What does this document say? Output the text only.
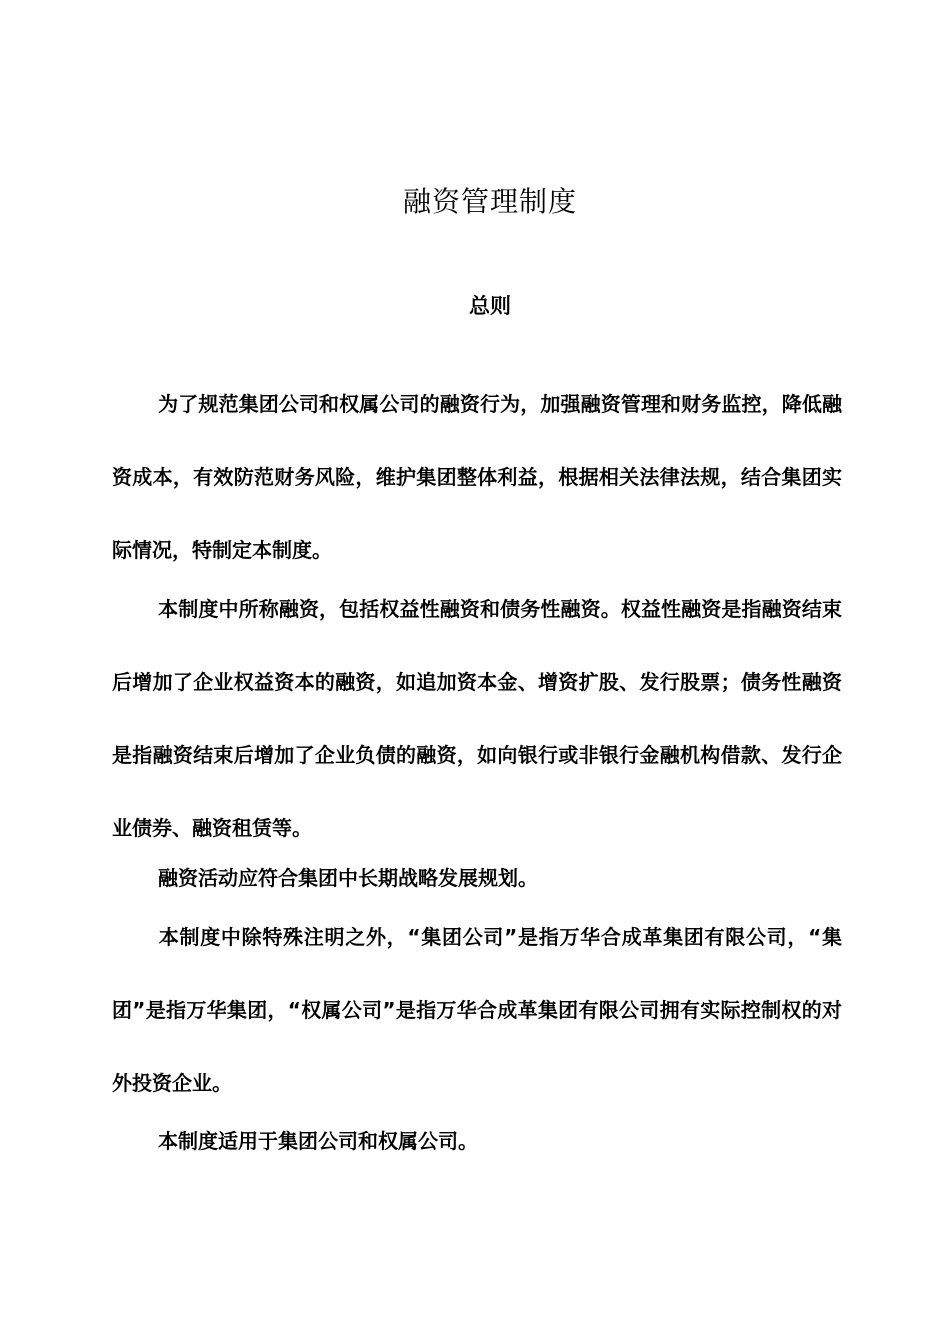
融资管理制度
总则

为了规范集团公司和权属公司的融资行为，加强融资管理和财务监控，降低融资成本，有效防范财务风险，维护集团整体利益，根据相关法律法规，结合集团实际情况，特制定本制度。

本制度中所称融资，包括权益性融资和债务性融资。权益性融资是指融资结束后增加了企业权益资本的融资，如追加资本金、增资扩股、发行股票；债务性融资是指融资结束后增加了企业负债的融资，如向银行或非银行金融机构借款、发行企业债券、融资租赁等。

融资活动应符合集团中长期战略发展规划。

本制度中除特殊注明之外，“集团公司”是指万华合成革集团有限公司，“集团”是指万华集团，“权属公司”是指万华合成革集团有限公司拥有实际控制权的对外投资企业。

本制度适用于集团公司和权属公司。
